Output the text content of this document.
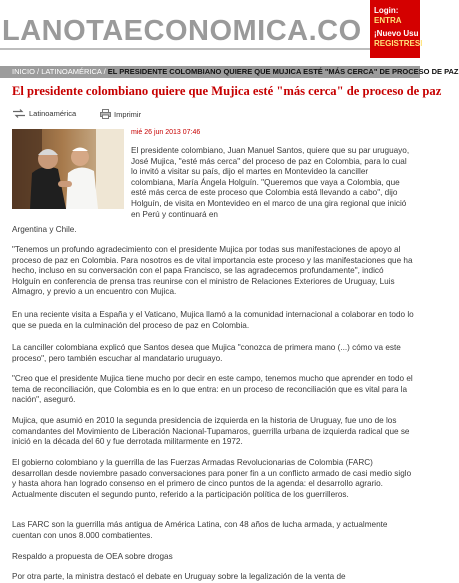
LANOTAECONOMICA.CO
Login:
ENTRA
¡Nuevo Usu
REGISTRESI
INICIO / LATINOAMÉRICA / EL PRESIDENTE COLOMBIANO QUIERE QUE MUJICA ESTÉ "MÁS CERCA" DE PROCESO DE PAZ
El presidente colombiano quiere que Mujica esté "más cerca" de proceso de paz
Latinoamérica	Imprimir
mié 26 jun 2013 07:46

El presidente colombiano, Juan Manuel Santos, quiere que su par uruguayo, José Mujica, "esté más cerca" del proceso de paz en Colombia, para lo cual lo invitó a visitar su país, dijo el martes en Montevideo la canciller colombiana, María Ángela Holguín. "Queremos que vaya a Colombia, que esté más cerca de este proceso que Colombia está llevando a cabo", dijo Holguín, de visita en Montevideo en el marco de una gira regional que inició en Perú y continuará en

Argentina y Chile.

"Tenemos un profundo agradecimiento con el presidente Mujica por todas sus manifestaciones de apoyo al proceso de paz en Colombia. Para nosotros es de vital importancia este proceso y las manifestaciones que ha hecho, incluso en su conversación con el papa Francisco, se las agradecemos profundamente", indicó Holguín en conferencia de prensa tras reunirse con el ministro de Relaciones Exteriores de Uruguay, Luis Almagro, y previo a un encuentro con Mujica.

En una reciente visita a España y el Vaticano, Mujica llamó a la comunidad internacional a colaborar en todo lo que se pueda en la culminación del proceso de paz en Colombia.

La canciller colombiana explicó que Santos desea que Mujica "conozca de primera mano (...) cómo va este proceso", pero también escuchar al mandatario uruguayo.

"Creo que el presidente Mujica tiene mucho por decir en este campo, tenemos mucho que aprender en todo el tema de reconciliación, que Colombia es en lo que entra: en un proceso de reconciliación que es vital para la nación", aseguró.

Mujica, que asumió en 2010 la segunda presidencia de izquierda en la historia de Uruguay, fue uno de los comandantes del Movimiento de Liberación Nacional-Tupamaros, guerrilla urbana de izquierda radical que se inició en la década del 60 y fue derrotada militarmente en 1972.

El gobierno colombiano y la guerrilla de las Fuerzas Armadas Revolucionarias de Colombia (FARC) desarrollan desde noviembre pasado conversaciones para poner fin a un conflicto armado de casi medio siglo y hasta ahora han logrado consenso en el primero de cinco puntos de la agenda: el desarrollo agrario. Actualmente discuten el segundo punto, referido a la participación política de los guerrilleros.

Las FARC son la guerrilla más antigua de América Latina, con 48 años de lucha armada, y actualmente cuentan con unos 8.000 combatientes.

Respaldo a propuesta de OEA sobre drogas

Por otra parte, la ministra destacó el debate en Uruguay sobre la legalización de la venta de
